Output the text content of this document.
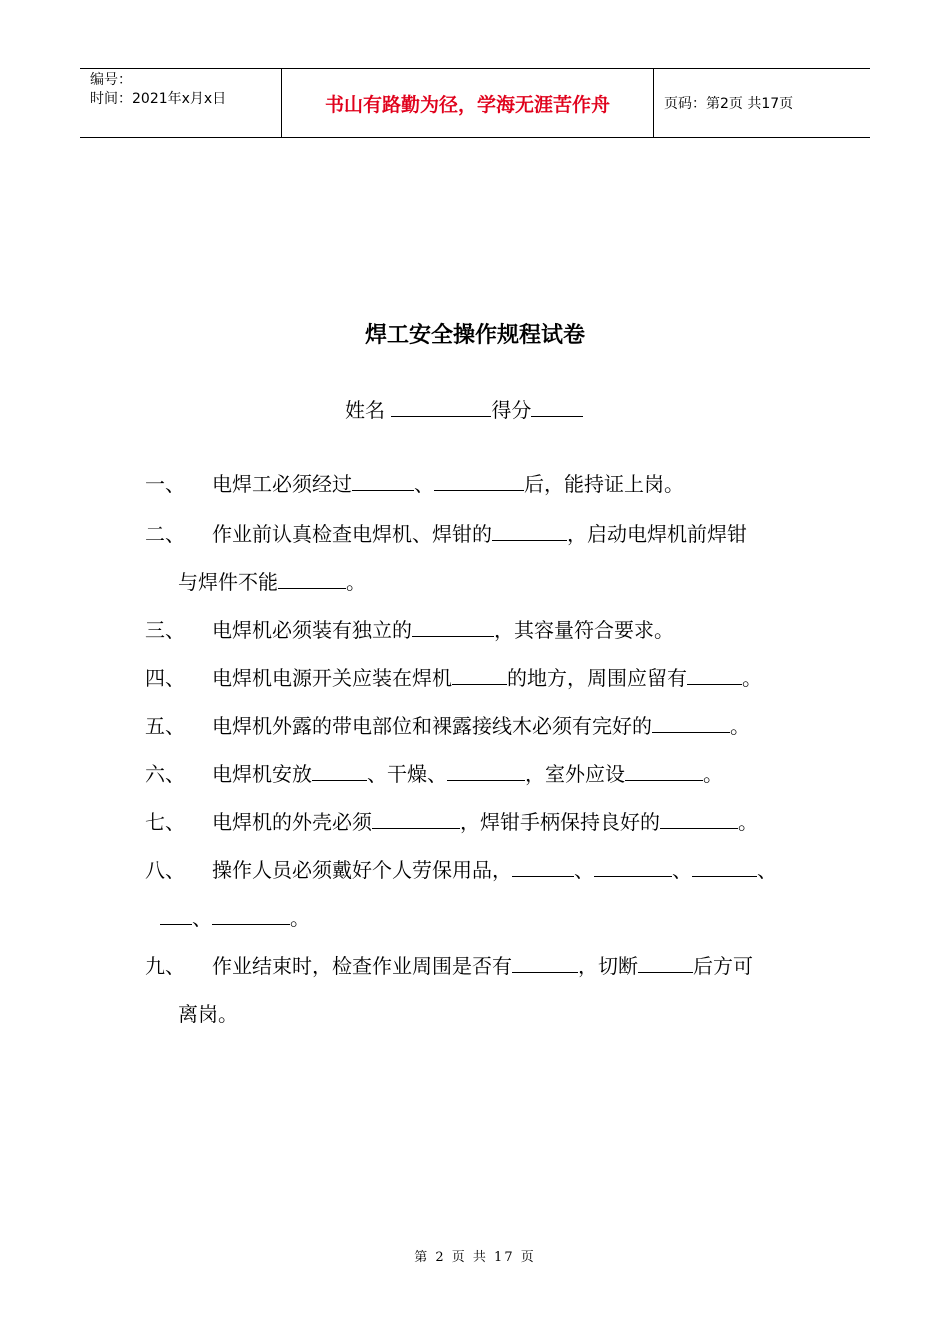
编号：
时间：2021年x月x日	书山有路勤为径，学海无涯苦作舟	页码：第2页 共17页
焊工安全操作规程试卷
姓名	得分
一、 电焊工必须经过	、	后，能持证上岗。
二、 作业前认真检查电焊机、焊钳的	，启动电焊机前焊钳
与焊件不能	。
三、 电焊机必须装有独立的	，其容量符合要求。
四、 电焊机电源开关应装在焊机	的地方，周围应留有	。
五、 电焊机外露的带电部位和裸露接线木必须有完好的	。
六、 电焊机安放	、干燥、	，室外应设	。
七、 电焊机的外壳必须	，焊钳手柄保持良好的	。
八、 操作人员必须戴好个人劳保用品，	、	、	、
、	。
九、 作业结束时，检查作业周围是否有	，切断	后方可
离岗。
第 2 页 共 17 页
